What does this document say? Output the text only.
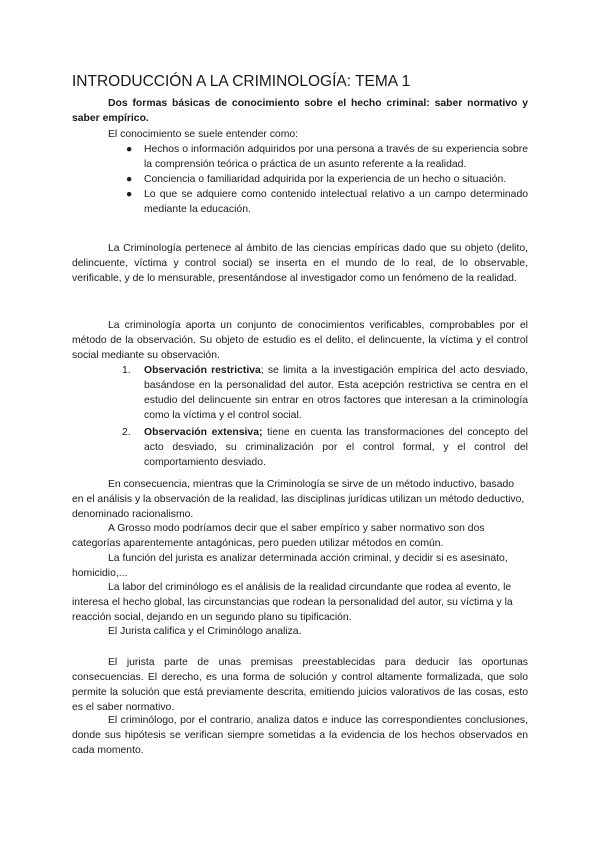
INTRODUCCIÓN A LA CRIMINOLOGÍA: TEMA 1

Dos formas básicas de conocimiento sobre el hecho criminal: saber normativo y saber empírico.

El conocimiento se suele entender como:

● Hechos o información adquiridos por una persona a través de su experiencia sobre la comprensión teórica o práctica de un asunto referente a la realidad.
● Conciencia o familiaridad adquirida por la experiencia de un hecho o situación.
● Lo que se adquiere como contenido intelectual relativo a un campo determinado mediante la educación.

La Criminología pertenece al ámbito de las ciencias empíricas dado que su objeto (delito, delincuente, víctima y control social) se inserta en el mundo de lo real, de lo observable, verificable, y de lo mensurable, presentándose al investigador como un fenómeno de la realidad.

La criminología aporta un conjunto de conocimientos verificables, comprobables por el método de la observación. Su objeto de estudio es el delito, el delincuente, la víctima y el control social mediante su observación.

1. Observación restrictiva; se limita a la investigación empírica del acto desviado, basándose en la personalidad del autor. Esta acepción restrictiva se centra en el estudio del delincuente sin entrar en otros factores que interesan a la criminología como la víctima y el control social.
2. Observación extensiva; tiene en cuenta las transformaciones del concepto del acto desviado, su criminalización por el control formal, y el control del comportamiento desviado.

En consecuencia, mientras que la Criminología se sirve de un método inductivo, basado en el análisis y la observación de la realidad, las disciplinas jurídicas utilizan un método deductivo, denominado racionalismo.

A Grosso modo podríamos decir que el saber empírico y saber normativo son dos categorías aparentemente antagónicas, pero pueden utilizar métodos en común.

La función del jurista es analizar determinada acción criminal, y decidir si es asesinato, homicidio,...

La labor del criminólogo es el análisis de la realidad circundante que rodea al evento, le interesa el hecho global, las circunstancias que rodean la personalidad del autor, su víctima y la reacción social, dejando en un segundo plano su tipificación.

El Jurista califica y el Criminólogo analiza.

El jurista parte de unas premisas preestablecidas para deducir las oportunas consecuencias. El derecho, es una forma de solución y control altamente formalizada, que solo permite la solución que está previamente descrita, emitiendo juicios valorativos de las cosas, esto es el saber normativo.

El criminólogo, por el contrario, analiza datos e induce las correspondientes conclusiones, donde sus hipótesis se verifican siempre sometidas a la evidencia de los hechos observados en cada momento.
